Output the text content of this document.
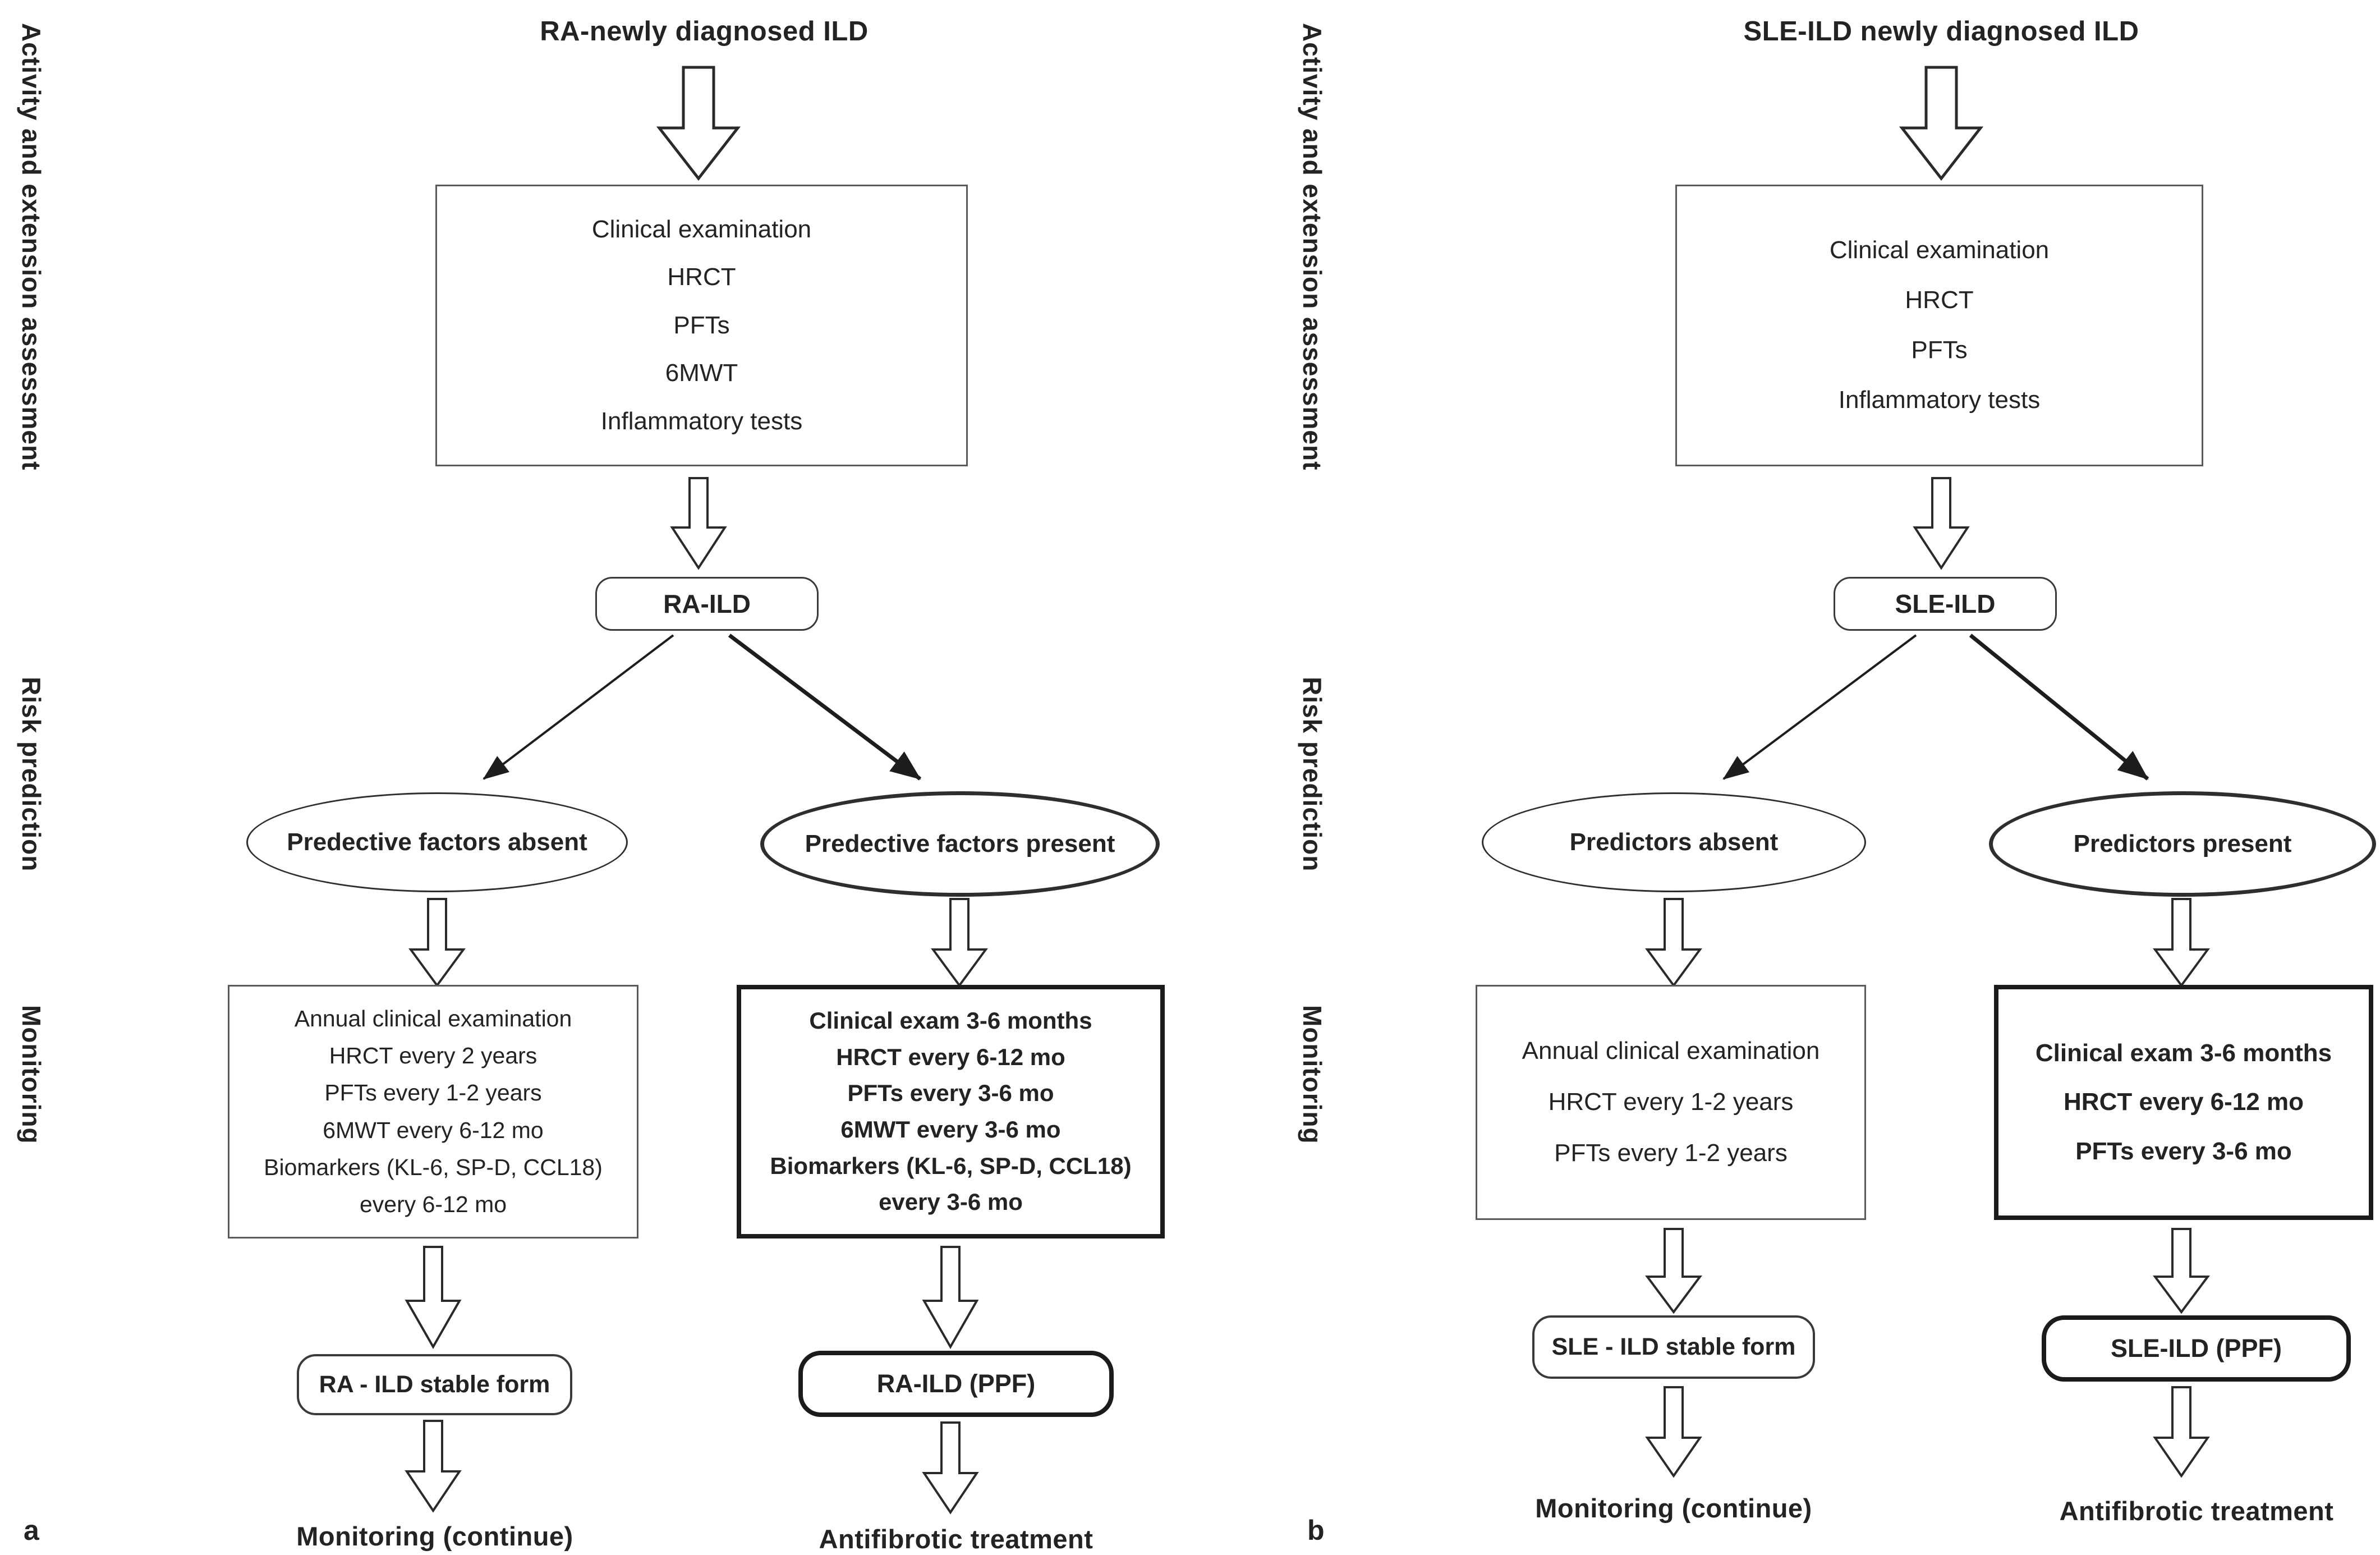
Activity and extension assessment
Risk prediction
Monitoring
RA-newly diagnosed ILD
Clinical examination
HRCT
PFTs
6MWT
Inflammatory tests
RA-ILD
Predective factors absent	Predective factors present
Annual clinical examination
HRCT every 2 years
PFTs every 1-2 years
6MWT every 6-12 mo
Biomarkers (KL-6, SP-D, CCL18)
every 6-12 mo
Clinical exam 3-6 months
HRCT every 6-12 mo
PFTs every 3-6 mo
6MWT every 3-6 mo
Biomarkers (KL-6, SP-D, CCL18)
every 3-6 mo
RA - ILD stable form	RA-ILD (PPF)
Monitoring (continue)	Antifibrotic treatment
a
Activity and extension assessment
Risk prediction
Monitoring
SLE-ILD newly diagnosed ILD
Clinical examination
HRCT
PFTs
Inflammatory tests
SLE-ILD
Predictors absent	Predictors present
Annual clinical examination
HRCT every 1-2 years
PFTs every 1-2 years
Clinical exam 3-6 months
HRCT every 6-12 mo
PFTs every 3-6 mo
SLE - ILD stable form	SLE-ILD (PPF)
Monitoring (continue)	Antifibrotic treatment
b
